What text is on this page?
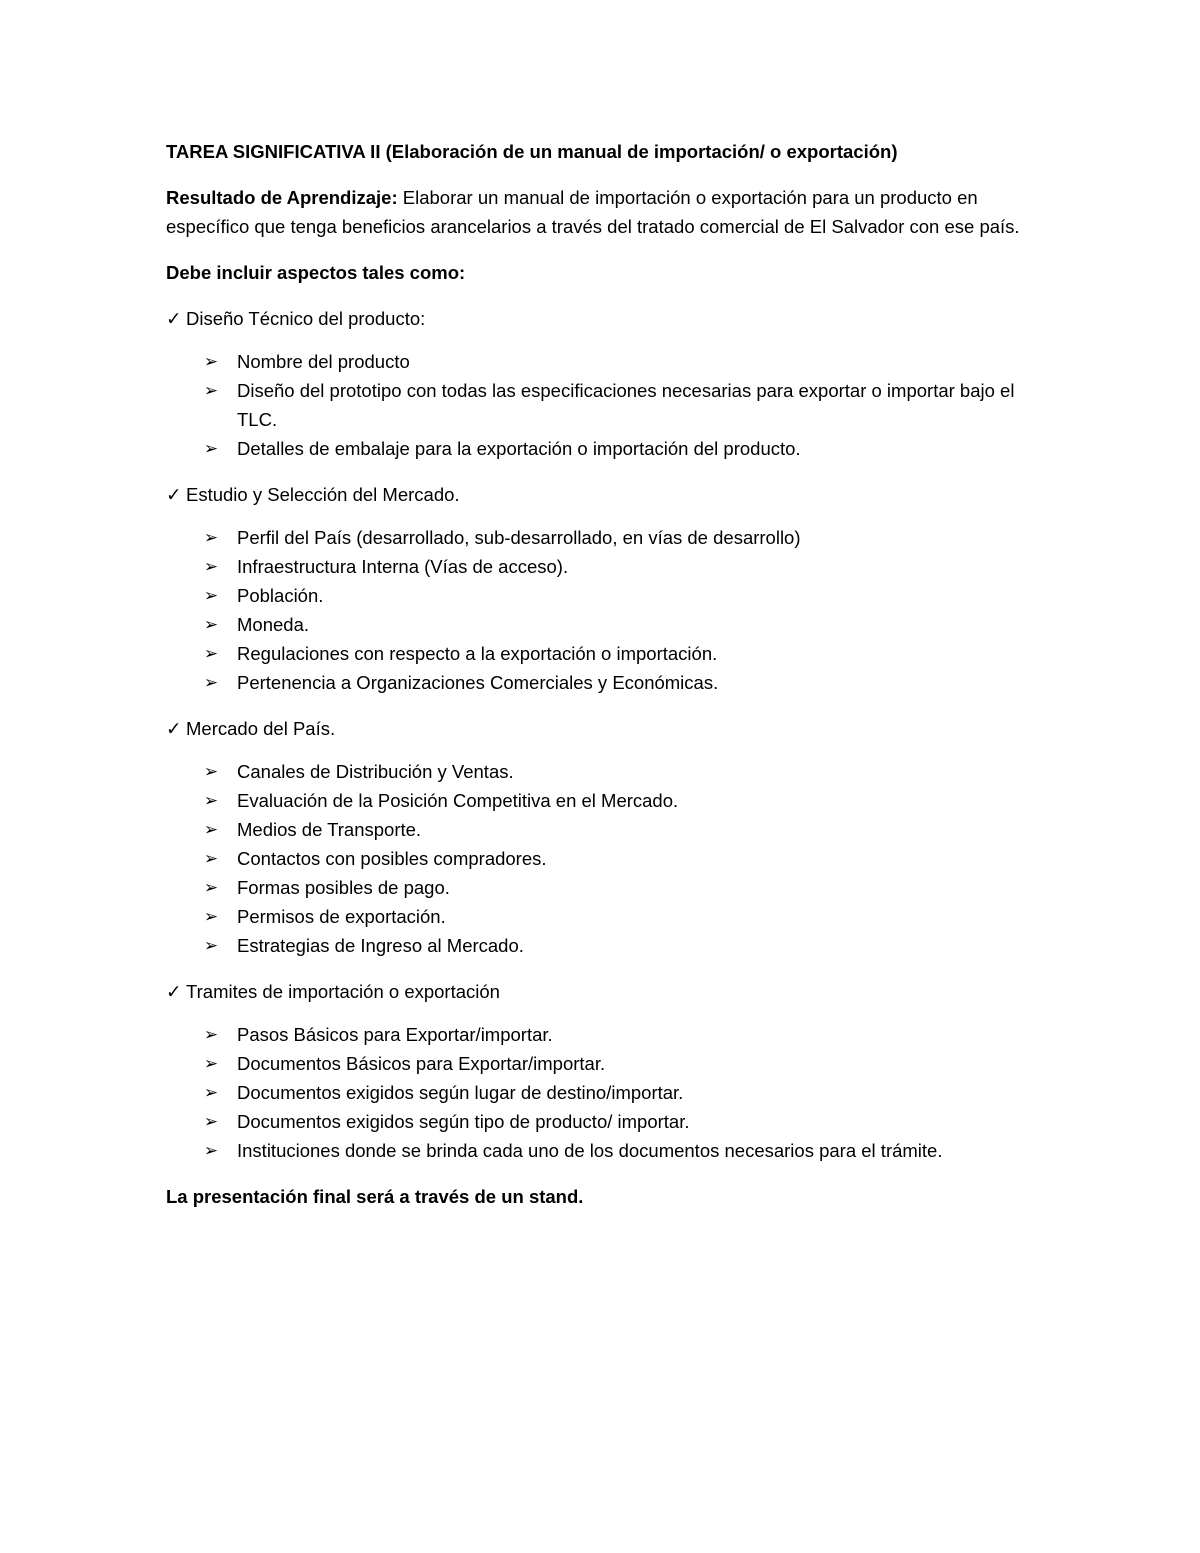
TAREA SIGNIFICATIVA II (Elaboración de un manual de importación/ o exportación)

Resultado de Aprendizaje: Elaborar un manual de importación o exportación para un producto en específico que tenga beneficios arancelarios a través del tratado comercial de El Salvador con ese país.

Debe incluir aspectos tales como:

✓ Diseño Técnico del producto:

➢ Nombre del producto
➢ Diseño del prototipo con todas las especificaciones necesarias para exportar o importar bajo el TLC.
➢ Detalles de embalaje para la exportación o importación del producto.

✓ Estudio y Selección del Mercado.

➢ Perfil del País (desarrollado, sub-desarrollado, en vías de desarrollo)
➢ Infraestructura Interna (Vías de acceso).
➢ Población.
➢ Moneda.
➢ Regulaciones con respecto a la exportación o importación.
➢ Pertenencia a Organizaciones Comerciales y Económicas.

✓ Mercado del País.

➢ Canales de Distribución y Ventas.
➢ Evaluación de la Posición Competitiva en el Mercado.
➢ Medios de Transporte.
➢ Contactos con posibles compradores.
➢ Formas posibles de pago.
➢ Permisos de exportación.
➢ Estrategias de Ingreso al Mercado.

✓ Tramites de importación o exportación

➢ Pasos Básicos para Exportar/importar.
➢ Documentos Básicos para Exportar/importar.
➢ Documentos exigidos según lugar de destino/importar.
➢ Documentos exigidos según tipo de producto/ importar.
➢ Instituciones donde se brinda cada uno de los documentos necesarios para el trámite.

La presentación final será a través de un stand.
